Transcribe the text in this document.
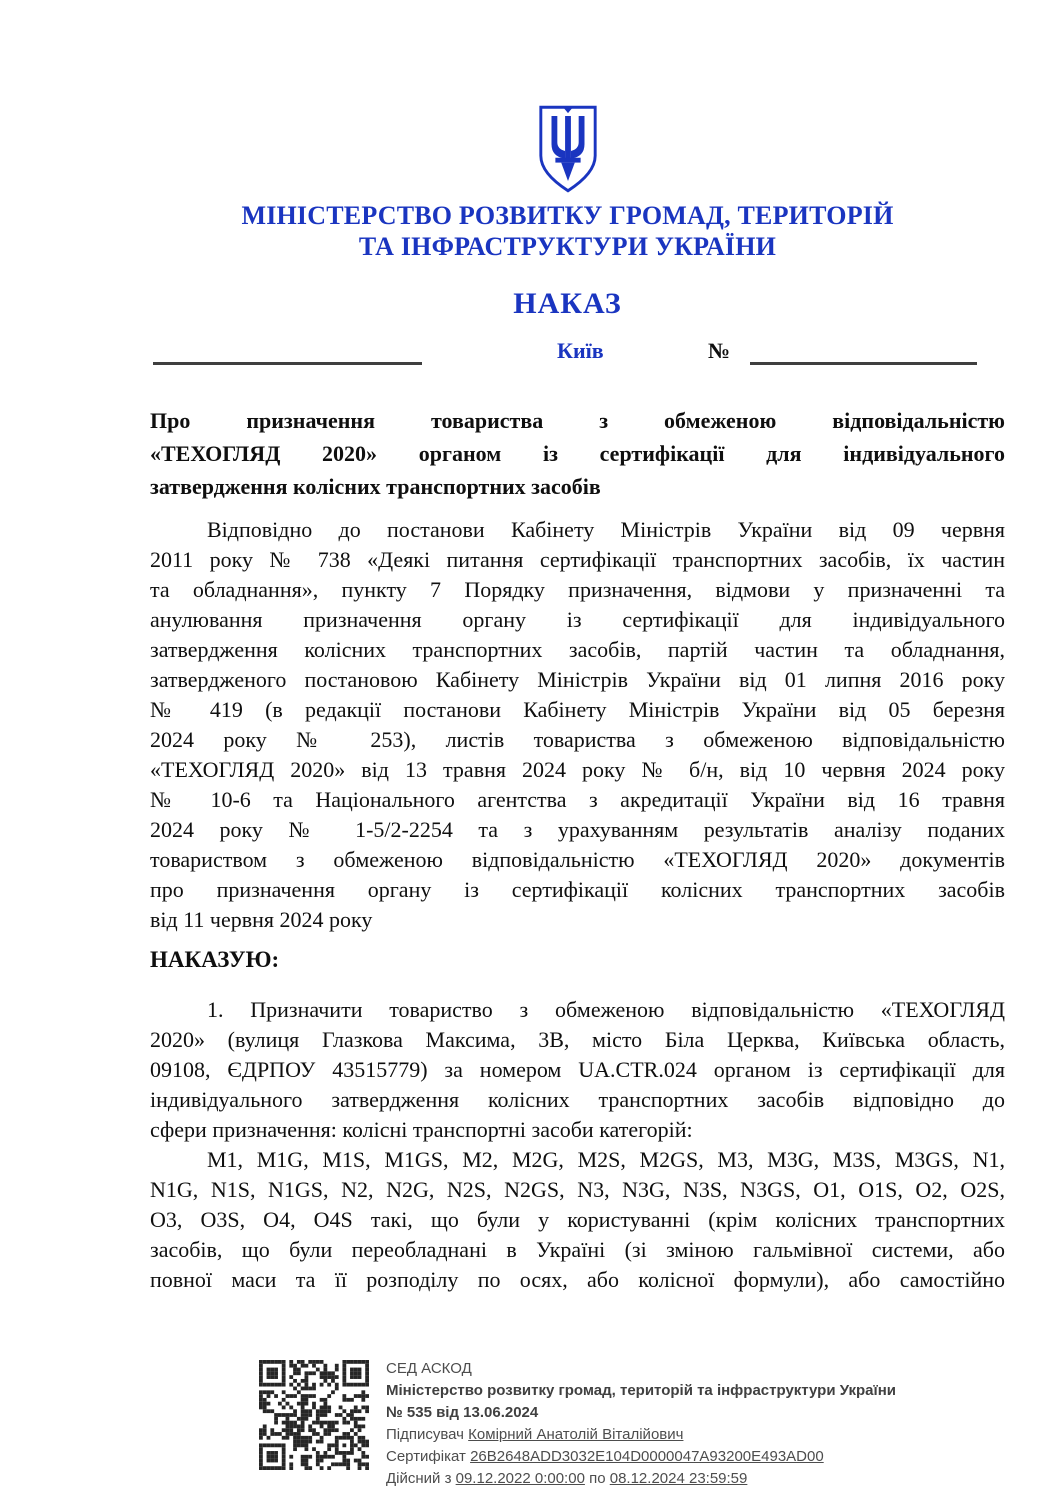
МІНІСТЕРСТВО РОЗВИТКУ ГРОМАД, ТЕРИТОРІЙ
ТА ІНФРАСТРУКТУРИ УКРАЇНИ
НАКАЗ
Київ	№
Про призначення товариства з обмеженою відповідальністю
«ТЕХОГЛЯД 2020» органом із сертифікації для індивідуального
затвердження колісних транспортних засобів
Відповідно до постанови Кабінету Міністрів України від 09 червня
2011 року № 738 «Деякі питання сертифікації транспортних засобів, їх частин
та обладнання», пункту 7 Порядку призначення, відмови у призначенні та
анулювання призначення органу із сертифікації для індивідуального
затвердження колісних транспортних засобів, партій частин та обладнання,
затвердженого постановою Кабінету Міністрів України від 01 липня 2016 року
№ 419 (в редакції постанови Кабінету Міністрів України від 05 березня
2024 року № 253), листів товариства з обмеженою відповідальністю
«ТЕХОГЛЯД 2020» від 13 травня 2024 року № б/н, від 10 червня 2024 року
№ 10-6 та Національного агентства з акредитації України від 16 травня
2024 року № 1-5/2-2254 та з урахуванням результатів аналізу поданих
товариством з обмеженою відповідальністю «ТЕХОГЛЯД 2020» документів
про призначення органу із сертифікації колісних транспортних засобів
від 11 червня 2024 року
НАКАЗУЮ:
1. Призначити товариство з обмеженою відповідальністю «ТЕХОГЛЯД
2020» (вулиця Глазкова Максима, 3В, місто Біла Церква, Київська область,
09108, ЄДРПОУ 43515779) за номером UA.CTR.024 органом із сертифікації для
індивідуального затвердження колісних транспортних засобів відповідно до
сфери призначення: колісні транспортні засоби категорій:
М1, М1G, М1S, М1GS, М2, М2G, М2S, М2GS, М3, М3G, М3S, М3GS, N1,
N1G, N1S, N1GS, N2, N2G, N2S, N2GS, N3, N3G, N3S, N3GS, О1, О1S, О2, О2S,
О3, О3S, О4, О4S такі, що були у користуванні (крім колісних транспортних
засобів, що були переобладнані в Україні (зі зміною гальмівної системи, або
повної маси та її розподілу по осях, або колісної формули), або самостійно
СЕД АСКОД
Міністерство розвитку громад, територій та інфраструктури України
№ 535 від 13.06.2024
Підписувач Комірний Анатолій Віталійович
Сертифікат 26B2648ADD3032E104D0000047A93200E493AD00
Дійсний з 09.12.2022 0:00:00 по 08.12.2024 23:59:59
